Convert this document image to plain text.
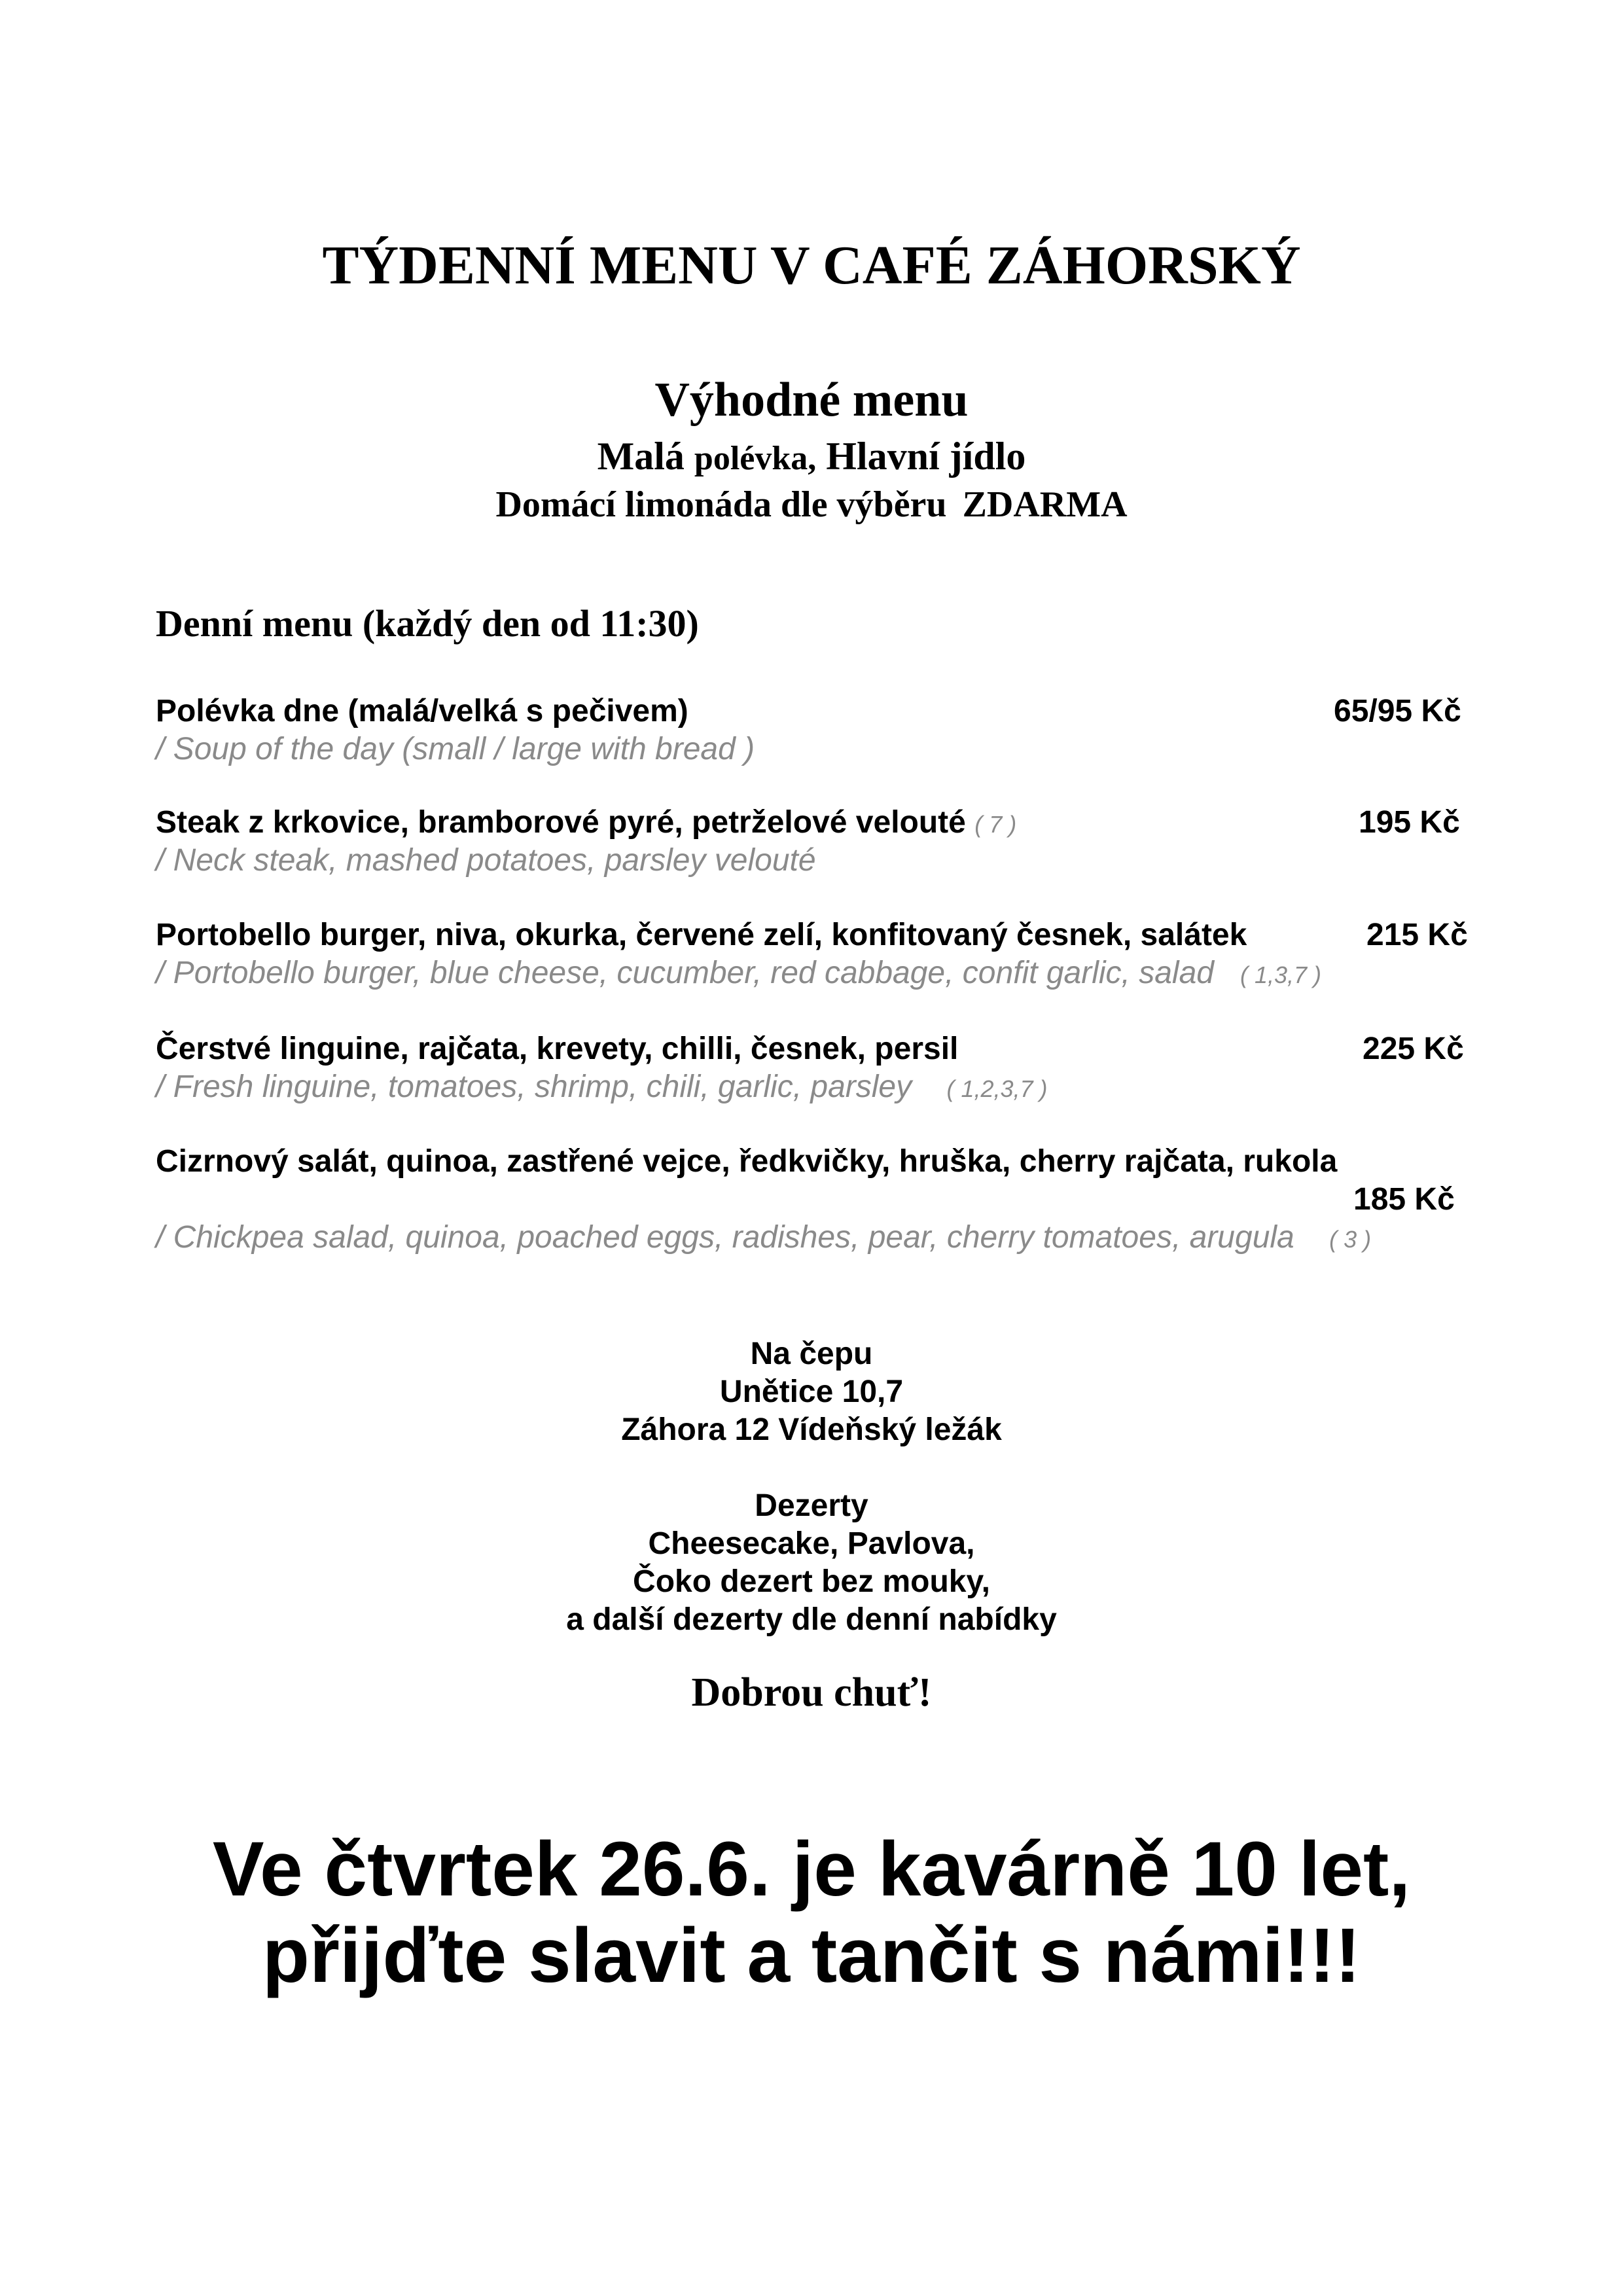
TÝDENNÍ MENU V CAFÉ ZÁHORSKÝ
Výhodné menu
Malá polévka, Hlavní jídlo
Domácí limonáda dle výběru ZDARMA
Denní menu (každý den od 11:30)
Polévka dne (malá/velká s pečivem)	65/95 Kč
/ Soup of the day (small / large with bread )
Steak z krkovice, bramborové pyré, petrželové velouté ( 7 )	195 Kč
/ Neck steak, mashed potatoes, parsley velouté
Portobello burger, niva, okurka, červené zelí, konfitovaný česnek, salátek	215 Kč
/ Portobello burger, blue cheese, cucumber, red cabbage, confit garlic, salad ( 1,3,7 )
Čerstvé linguine, rajčata, krevety, chilli, česnek, persil	225 Kč
/ Fresh linguine, tomatoes, shrimp, chili, garlic, parsley ( 1,2,3,7 )
Cizrnový salát, quinoa, zastřené vejce, ředkvičky, hruška, cherry rajčata, rukola
185 Kč
/ Chickpea salad, quinoa, poached eggs, radishes, pear, cherry tomatoes, arugula ( 3 )
Na čepu
Unětice 10,7
Záhora 12 Vídeňský ležák
Dezerty
Cheesecake, Pavlova,
Čoko dezert bez mouky,
a další dezerty dle denní nabídky
Dobrou chuť!
Ve čtvrtek 26.6. je kavárně 10 let,
přijďte slavit a tančit s námi!!!
